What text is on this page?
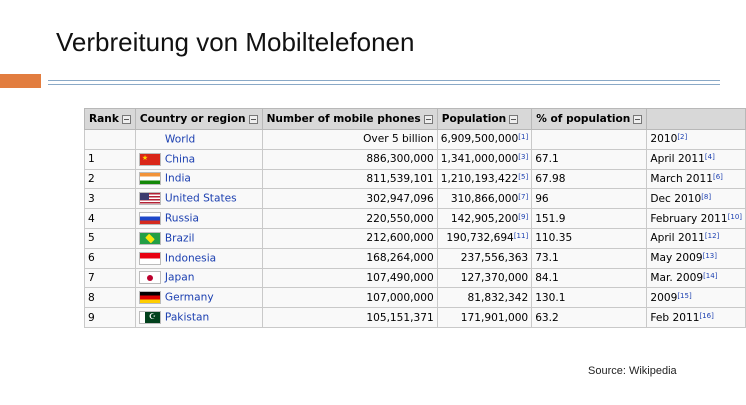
Verbreitung von Mobiltelefonen
Rank	Country or region	Number of mobile phones	Population	% of population	
	World	Over 5 billion	6,909,500,000[1]		2010[2]
1	★China	886,300,000	1,341,000,000[3]	67.1	April 2011[4]
2	India	811,539,101	1,210,193,422[5]	67.98	March 2011[6]
3	United States	302,947,096	310,866,000[7]	96	Dec 2010[8]
4	Russia	220,550,000	142,905,200[9]	151.9	February 2011[10]
5	Brazil	212,600,000	190,732,694[11]	110.35	April 2011[12]
6	Indonesia	168,264,000	237,556,363	73.1	May 2009[13]
7	Japan	107,490,000	127,370,000	84.1	Mar. 2009[14]
8	Germany	107,000,000	81,832,342	130.1	2009[15]
9	☪Pakistan	105,151,371	171,901,000	63.2	Feb 2011[16]
Source: Wikipedia
